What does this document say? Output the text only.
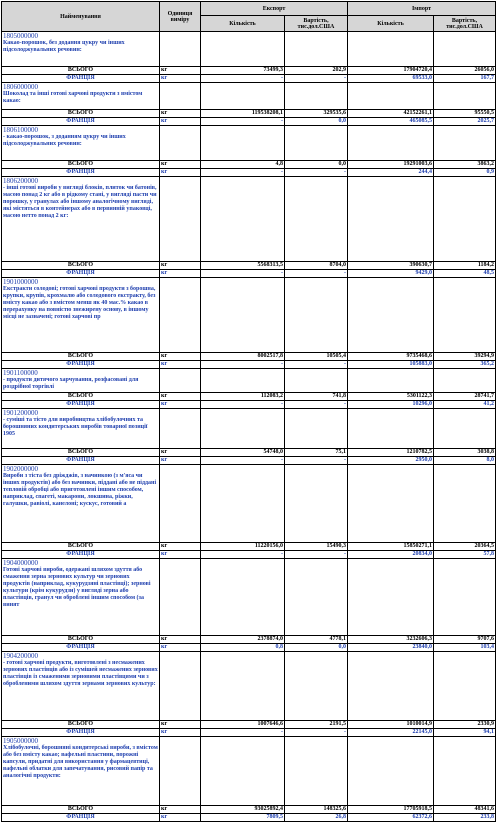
Найменування	Одиниця виміру	Експорт		Імпорт	
		Кількість	Вартість, тис.дол.США	Кількість	Вартість, тис.дол.США

1805000000
Какао-порошок, без додання цукру чи інших підсолоджувальних речовин:					

ВСЬОГО	кг	73499,3	202,9	17904720,4	26056,0
ФРАНЦІЯ	кг	-	-	69533,0	167,7

1806000000
Шоколад та інші готові харчові продукти з вмістом какао:					

ВСЬОГО	кг	119538208,1	329535,6	42152261,1	95550,5
ФРАНЦІЯ	кг	-	0,0	465085,5	2025,7

1806100000
- какао-порошок, з доданням цукру чи інших підсолоджувальних речовин:					

ВСЬОГО	кг	4,8	0,0	19291003,6	3863,2
ФРАНЦІЯ	кг	-	-	244,4	0,9

1806200000
- інші готові вироби у вигляді блоків, плиток чи батонів, масою понад 2 кг або в рідкому стані, у вигляді пасти чи порошку, у гранулах або іншому аналогічному вигляді, які містяться в контейнерах або в первинній упаковці, масою нетто понад 2 кг:					

ВСЬОГО	кг	5568313,5	8704,0	390630,7	1184,2
ФРАНЦІЯ	кг	-	-	9429,0	48,5

1901000000
Екстракти солодові; готові харчові продукти з борошна, крупки, крупів, крохмалю або солодового екстракту, без вмісту какао або з вмістом менш як 40 мас.% какао в перерахунку на повністю знежирену основу, в іншому місці не зазначені; готові харчові пр					

ВСЬОГО	кг	8002517,8	10505,4	9735468,6	39294,9
ФРАНЦІЯ	кг	-	-	105883,0	365,2

1901100000
- продукти дитячого харчування, розфасовані для роздрібної торгівлі					

ВСЬОГО	кг	112083,2	741,8	5301122,3	28741,7
ФРАНЦІЯ	кг	-	-	10296,0	41,2

1901200000
- суміші та тісто для виробництва хлібобулочних та борошняних кондитерських виробів товарної позиції 1905					

ВСЬОГО	кг	54748,0	75,1	1210782,5	3038,8
ФРАНЦІЯ	кг	-	-	2950,0	8,0

1902000000
Вироби з тіста без дріжджів, з начинкою (з м'яса чи інших продуктів) або без начинки, піддані або не піддані тепловій обробці або приготовлені іншим способом, наприклад, спагеті, макарони, локшина, ріжки, галушки, равіолі, канелоні; кускус, готовий а					

ВСЬОГО	кг	11220156,0	15490,3	15850271,1	20364,5
ФРАНЦІЯ	кг	-	-	20834,0	57,8

1904000000
Готові харчові вироби, одержані шляхом здуття або смаження зерна зернових культур чи зернових продуктів (наприклад, кукурудзяні пластівці); зернові культури (крім кукурудзи) у вигляді зерна або пластівців, гранул чи оброблені іншим способом (за винят					

ВСЬОГО	кг	2378874,0	4778,1	3232606,3	9707,6
ФРАНЦІЯ	кг	0,8	0,0	23840,0	103,4

1904200000
- готові харчові продукти, виготовлені з несмажених зернових пластівців або із сумішей несмажених зернових пластівців із смаженими зерновими пластівцями чи з обробленими шляхом здуття зернами зернових культур:					

ВСЬОГО	кг	1007646,6	2191,5	1010014,9	2330,9
ФРАНЦІЯ	кг	-	-	22145,0	94,1

1905000000
Хлібобулочні, борошняні кондитерські вироби, з вмістом або без вмісту какао; вафельні пластини, порожні капсули, придатні для використання у фармацевтиці, вафельні облатки для запечатування, рисовий папір та аналогічні продукти:					

ВСЬОГО	кг	93025892,4	148325,6	17705918,5	48341,6
ФРАНЦІЯ	кг	7809,5	26,8	62372,6	233,8
